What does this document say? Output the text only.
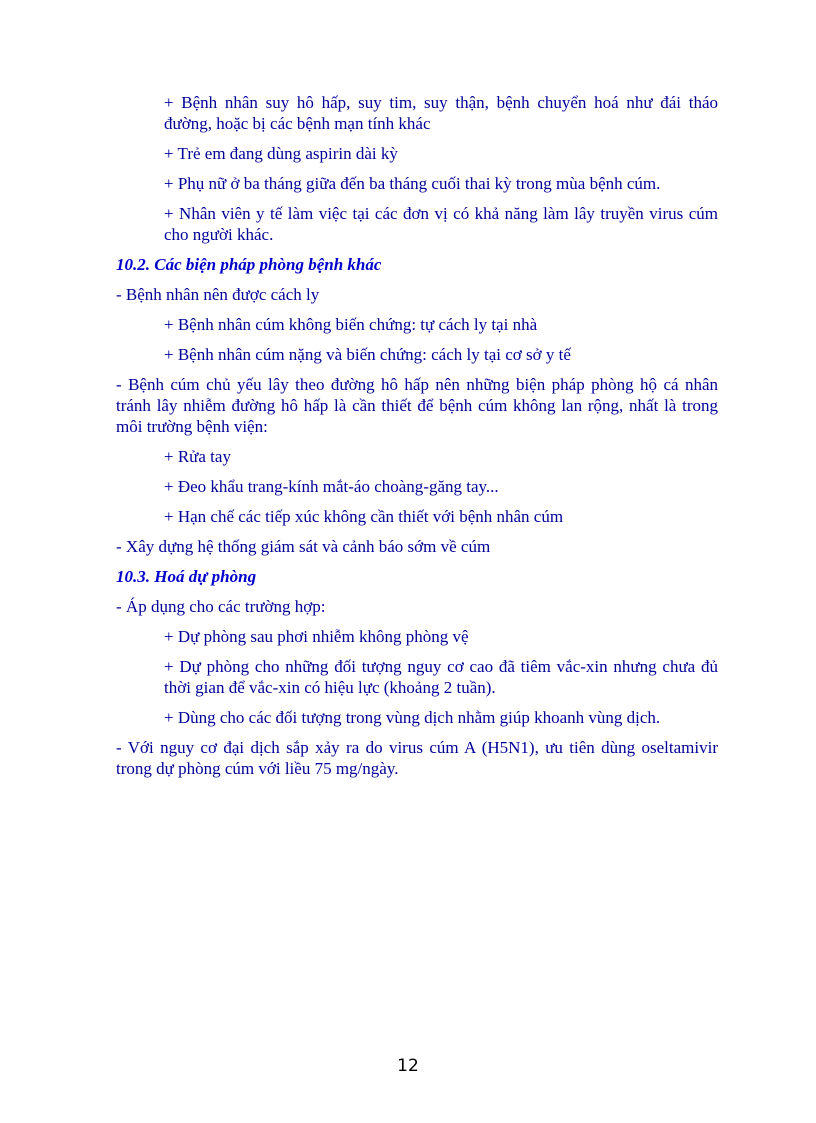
+ Bệnh nhân suy hô hấp, suy tim, suy thận, bệnh chuyển hoá như đái tháo đường, hoặc bị các bệnh mạn tính khác

+ Trẻ em đang dùng aspirin dài kỳ

+ Phụ nữ ở ba tháng giữa đến ba tháng cuối thai kỳ trong mùa bệnh cúm.

+ Nhân viên y tế làm việc tại các đơn vị có khả năng làm lây truyền virus cúm cho người khác.

10.2. Các biện pháp phòng bệnh khác

- Bệnh nhân nên được cách ly

+ Bệnh nhân cúm không biến chứng: tự cách ly tại nhà

+ Bệnh nhân cúm nặng và biến chứng: cách ly tại cơ sở y tế

- Bệnh cúm chủ yếu lây theo đường hô hấp nên những biện pháp phòng hộ cá nhân tránh lây nhiễm đường hô hấp là cần thiết để bệnh cúm không lan rộng, nhất là trong môi trường bệnh viện:

+ Rửa tay

+ Đeo khẩu trang-kính mắt-áo choàng-găng tay...

+ Hạn chế các tiếp xúc không cần thiết với bệnh nhân cúm

- Xây dựng hệ thống giám sát và cảnh báo sớm về cúm

10.3. Hoá dự phòng

- Áp dụng cho các trường hợp:

+ Dự phòng sau phơi nhiễm không phòng vệ

+ Dự phòng cho những đối tượng nguy cơ cao đã tiêm vắc-xin nhưng chưa đủ thời gian để vắc-xin có hiệu lực (khoảng 2 tuần).

+ Dùng cho các đối tượng trong vùng dịch nhằm giúp khoanh vùng dịch.

- Với nguy cơ đại dịch sắp xảy ra do virus cúm A (H5N1), ưu tiên dùng oseltamivir trong dự phòng cúm với liều 75 mg/ngày.

12
